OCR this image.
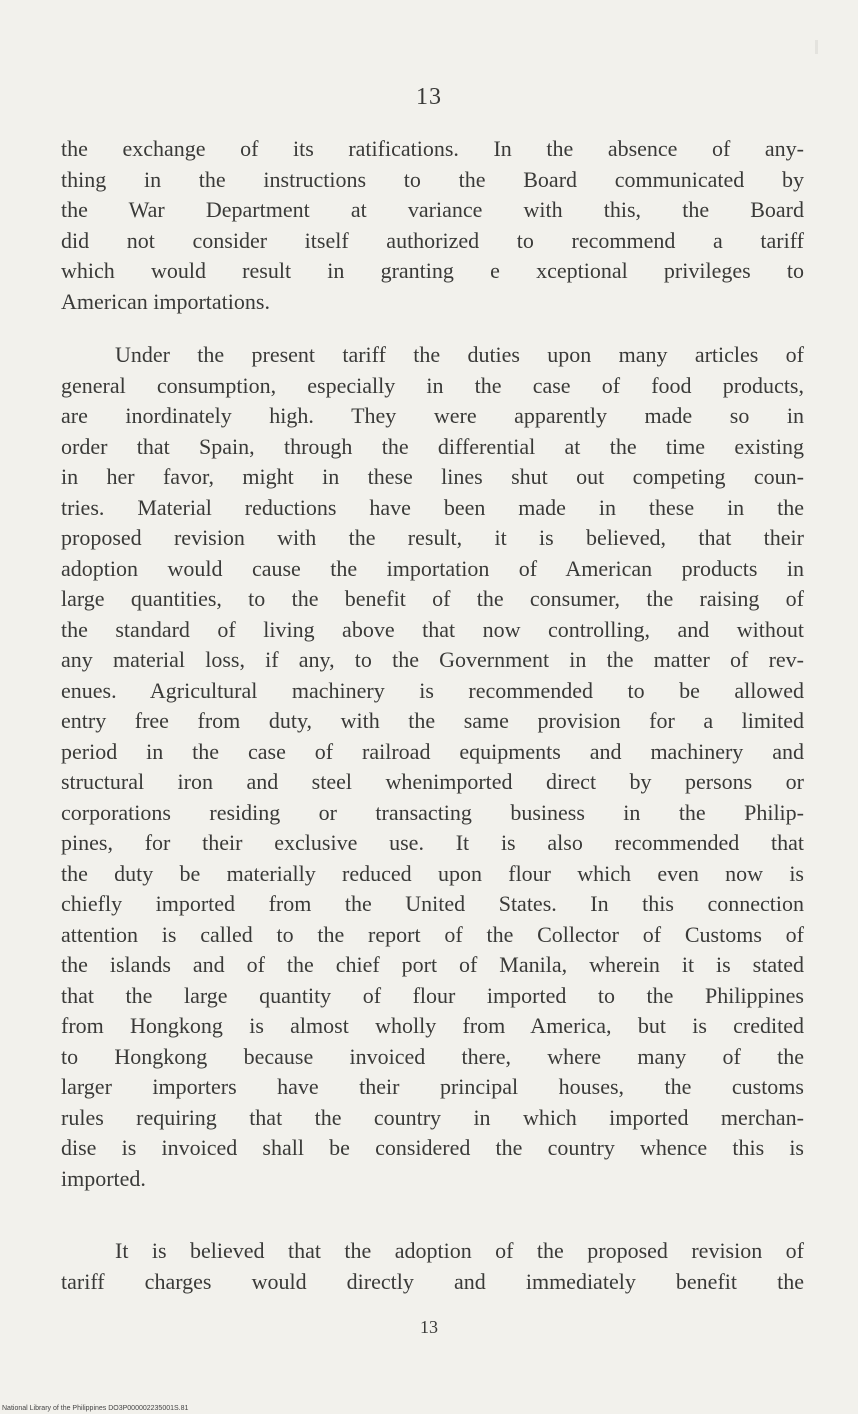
13
the exchange of its ratifications. In the absence of any-
thing in the instructions to the Board communicated by
the War Department at variance with this, the Board
did not consider itself authorized to recommend a tariff
which would result in granting e xceptional privileges to
American importations.
Under the present tariff the duties upon many articles of
general consumption, especially in the case of food products,
are inordinately high. They were apparently made so in
order that Spain, through the differential at the time existing
in her favor, might in these lines shut out competing coun-
tries. Material reductions have been made in these in the
proposed revision with the result, it is believed, that their
adoption would cause the importation of American products in
large quantities, to the benefit of the consumer, the raising of
the standard of living above that now controlling, and without
any material loss, if any, to the Government in the matter of rev-
enues. Agricultural machinery is recommended to be allowed
entry free from duty, with the same provision for a limited
period in the case of railroad equipments and machinery and
structural iron and steel whenimported direct by persons or
corporations residing or transacting business in the Philip-
pines, for their exclusive use. It is also recommended that
the duty be materially reduced upon flour which even now is
chiefly imported from the United States. In this connection
attention is called to the report of the Collector of Customs of
the islands and of the chief port of Manila, wherein it is stated
that the large quantity of flour imported to the Philippines
from Hongkong is almost wholly from America, but is credited
to Hongkong because invoiced there, where many of the
larger importers have their principal houses, the customs
rules requiring that the country in which imported merchan-
dise is invoiced shall be considered the country whence this is
imported.
It is believed that the adoption of the proposed revision of
tariff charges would directly and immediately benefit the
13
National Library of the Philippines DO3P000002235001S.81
